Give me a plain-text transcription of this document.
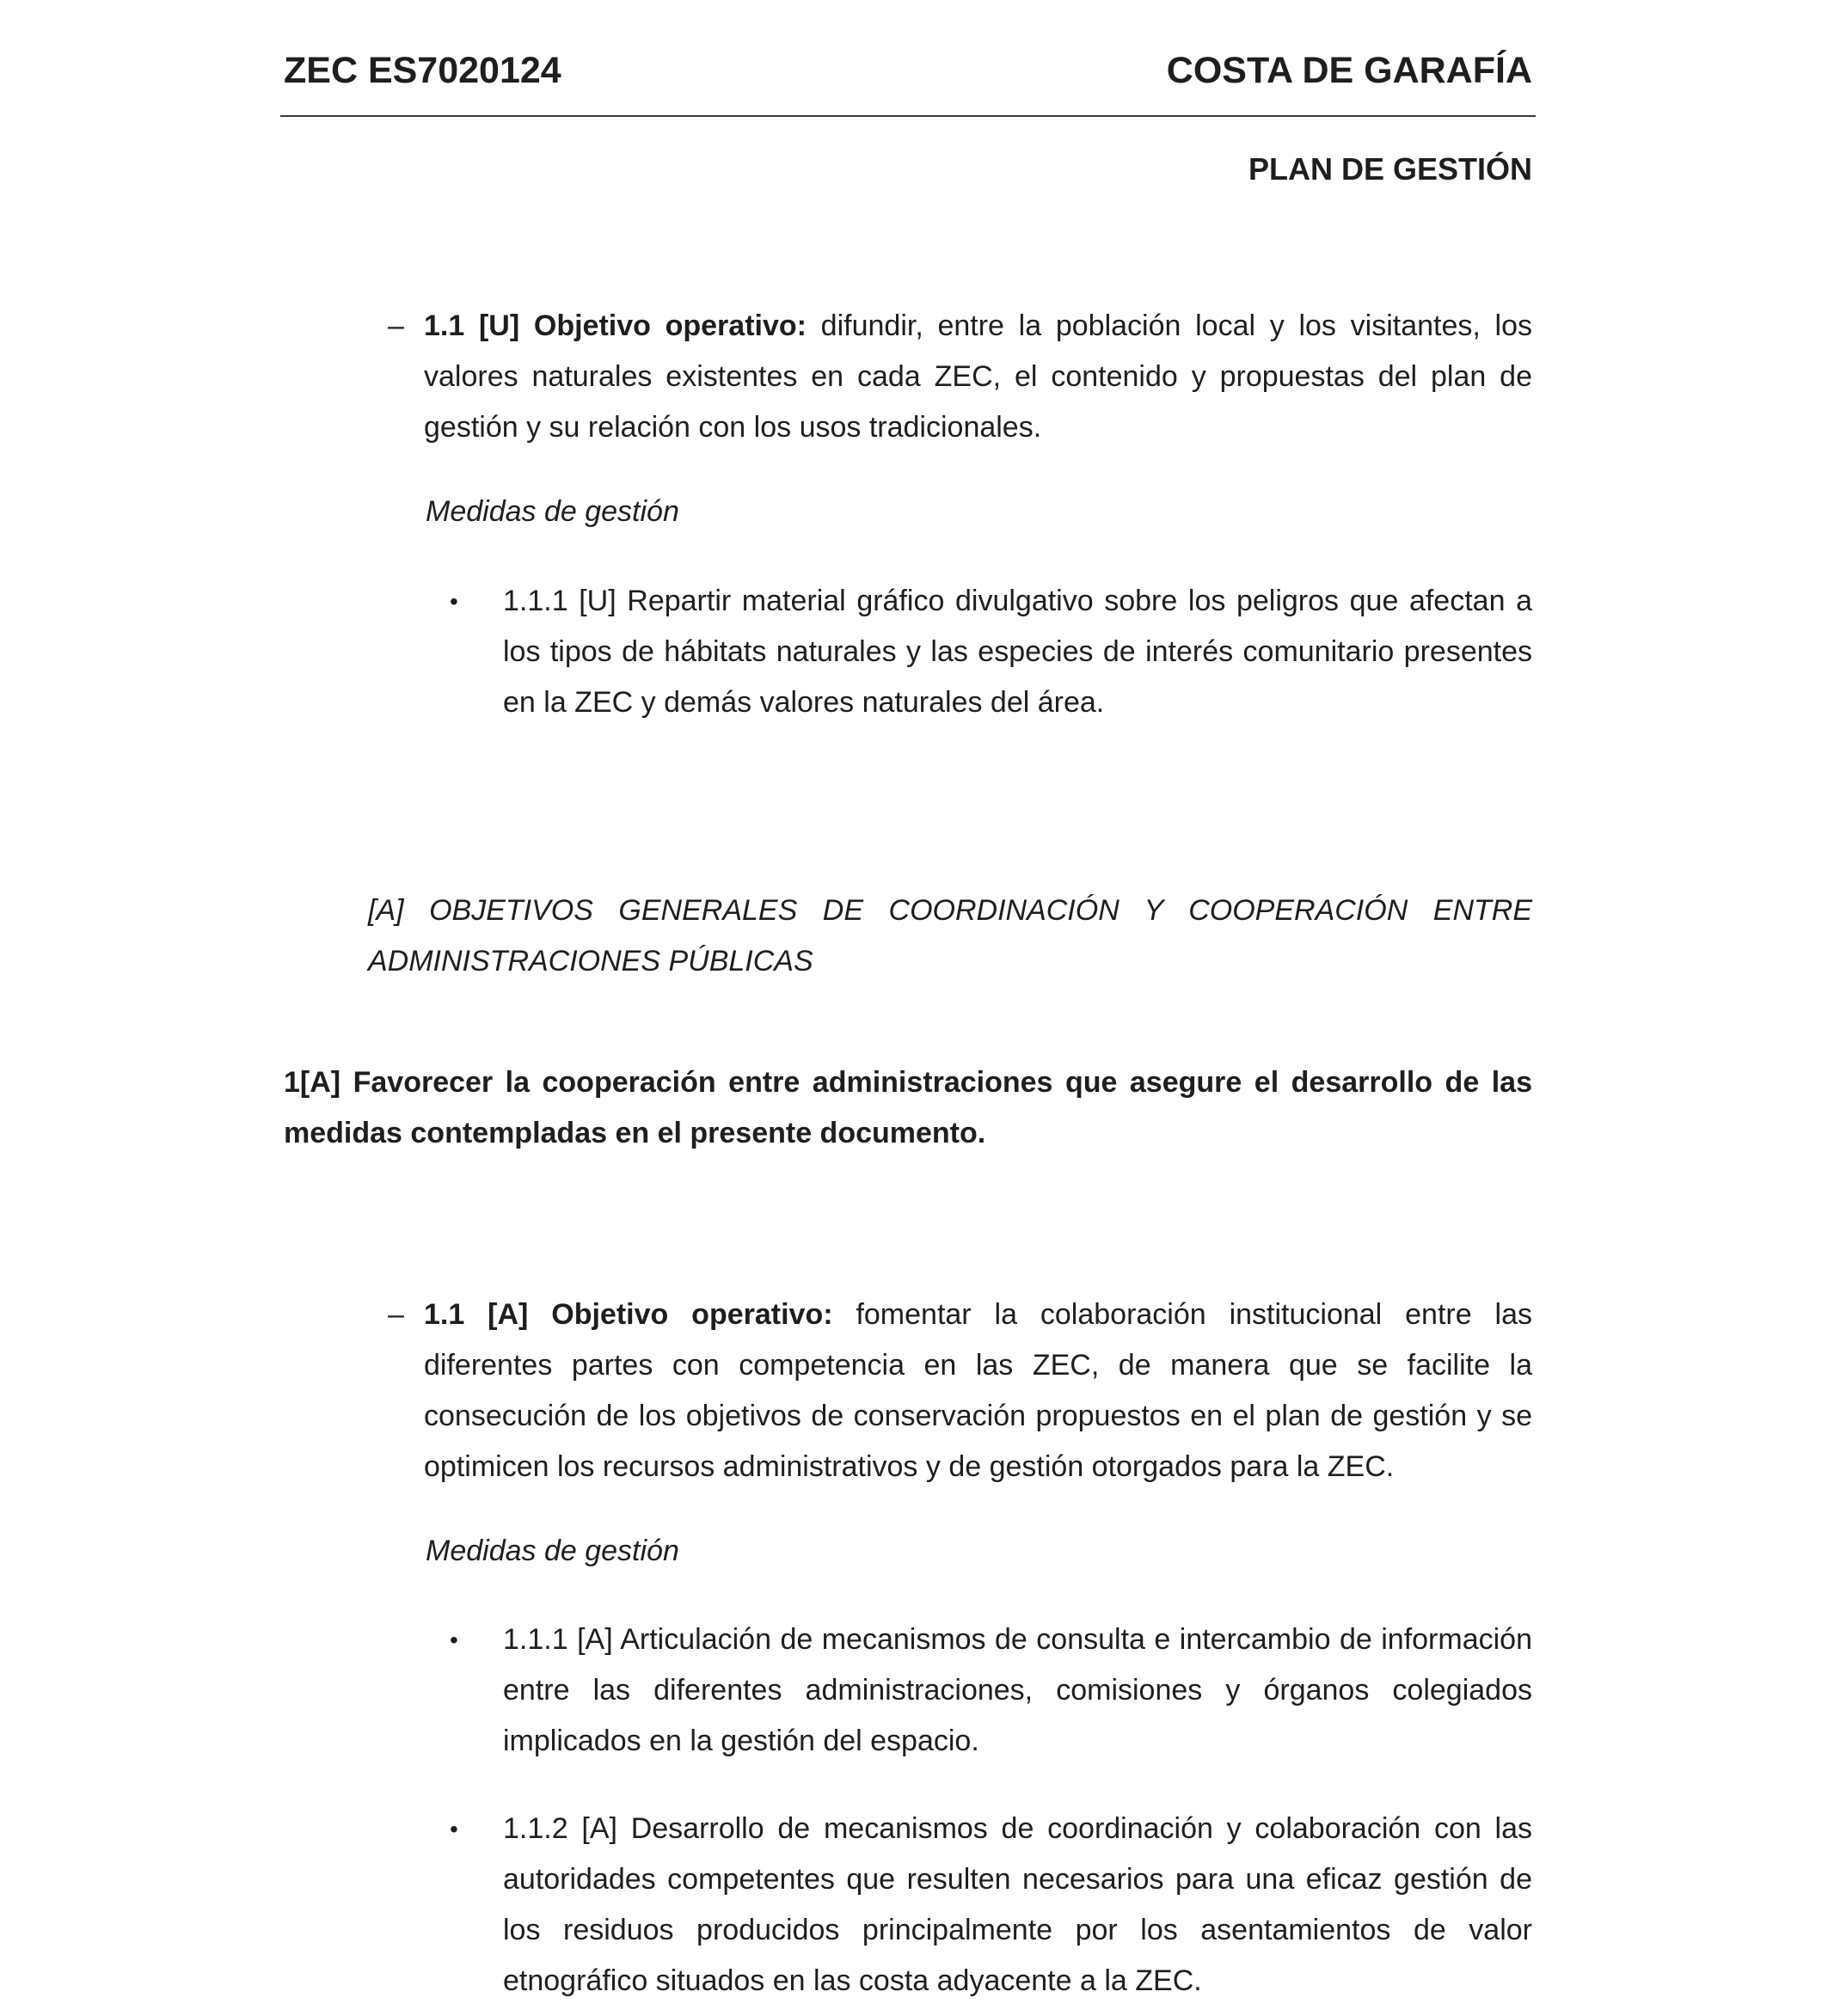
ZEC ES7020124	COSTA DE GARAFÍA
PLAN DE GESTIÓN
– 1.1 [U] Objetivo operativo: difundir, entre la población local y los visitantes, los valores naturales existentes en cada ZEC, el contenido y propuestas del plan de gestión y su relación con los usos tradicionales.
Medidas de gestión
• 1.1.1 [U] Repartir material gráfico divulgativo sobre los peligros que afectan a los tipos de hábitats naturales y las especies de interés comunitario presentes en la ZEC y demás valores naturales del área.
[A] OBJETIVOS GENERALES DE COORDINACIÓN Y COOPERACIÓN ENTRE ADMINISTRACIONES PÚBLICAS
1[A] Favorecer la cooperación entre administraciones que asegure el desarrollo de las medidas contempladas en el presente documento.
– 1.1 [A] Objetivo operativo: fomentar la colaboración institucional entre las diferentes partes con competencia en las ZEC, de manera que se facilite la consecución de los objetivos de conservación propuestos en el plan de gestión y se optimicen los recursos administrativos y de gestión otorgados para la ZEC.
Medidas de gestión
• 1.1.1 [A] Articulación de mecanismos de consulta e intercambio de información entre las diferentes administraciones, comisiones y órganos colegiados implicados en la gestión del espacio.
• 1.1.2 [A] Desarrollo de mecanismos de coordinación y colaboración con las autoridades competentes que resulten necesarios para una eficaz gestión de los residuos producidos principalmente por los asentamientos de valor etnográfico situados en las costa adyacente a la ZEC.
